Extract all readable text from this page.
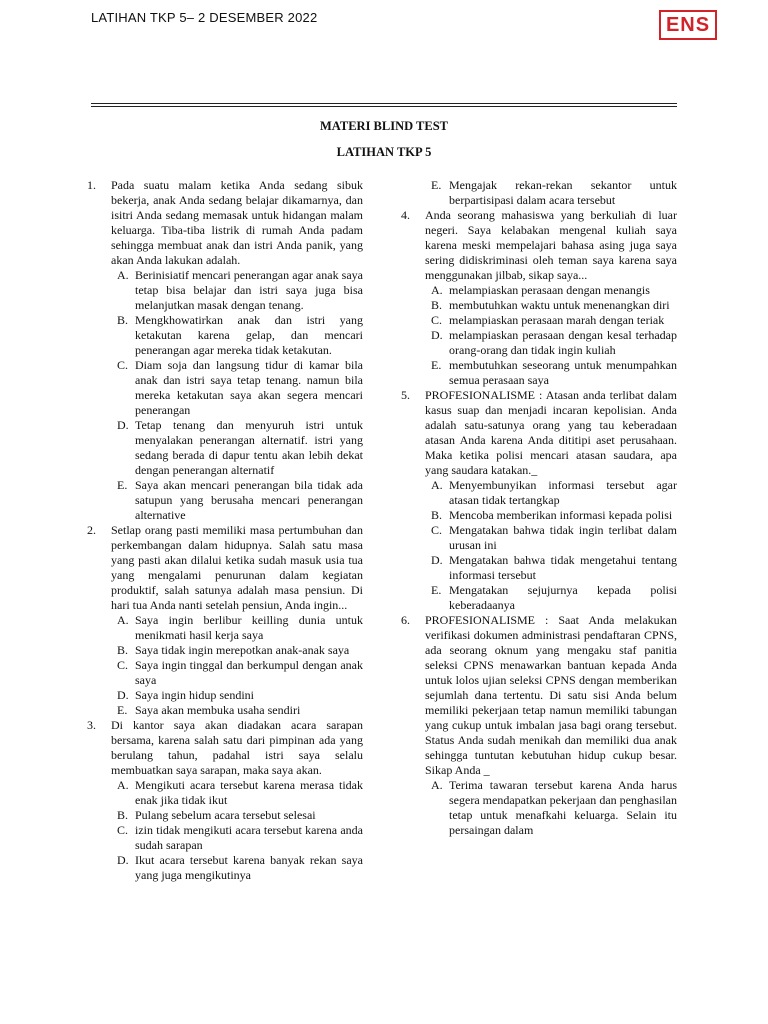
LATIHAN TKP 5– 2 DESEMBER 2022	ENS
MATERI BLIND TEST
LATIHAN TKP 5
1. Pada suatu malam ketika Anda sedang sibuk bekerja, anak Anda sedang belajar dikamarnya, dan isitri Anda sedang memasak untuk hidangan malam keluarga. Tiba-tiba listrik di rumah Anda padam sehingga membuat anak dan istri Anda panik, yang akan Anda lakukan adalah.
A. Berinisiatif mencari penerangan agar anak saya tetap bisa belajar dan istri saya juga bisa melanjutkan masak dengan tenang.
B. Mengkhowatirkan anak dan istri yang ketakutan karena gelap, dan mencari penerangan agar mereka tidak ketakutan.
C. Diam soja dan langsung tidur di kamar bila anak dan istri saya tetap tenang. namun bila mereka ketakutan saya akan segera mencari penerangan
D. Tetap tenang dan menyuruh istri untuk menyalakan penerangan alternatif. istri yang sedang berada di dapur tentu akan lebih dekat dengan penerangan alternatif
E. Saya akan mencari penerangan bila tidak ada satupun yang berusaha mencari penerangan alternative
2. Setlap orang pasti memiliki masa pertumbuhan dan perkembangan dalam hidupnya. Salah satu masa yang pasti akan dilalui ketika sudah masuk usia tua yang mengalami penurunan dalam kegiatan produktif, salah satunya adalah masa pensiun. Di hari tua Anda nanti setelah pensiun, Anda ingin...
A. Saya ingin berlibur keilling dunia untuk menikmati hasil kerja saya
B. Saya tidak ingin merepotkan anak-anak saya
C. Saya ingin tinggal dan berkumpul dengan anak saya
D. Saya ingin hidup sendini
E. Saya akan membuka usaha sendiri
3. Di kantor saya akan diadakan acara sarapan bersama, karena salah satu dari pimpinan ada yang berulang tahun, padahal istri saya selalu membuatkan saya sarapan, maka saya akan.
A. Mengikuti acara tersebut karena merasa tidak enak jika tidak ikut
B. Pulang sebelum acara tersebut selesai
C. izin tidak mengikuti acara tersebut karena anda sudah sarapan
D. Ikut acara tersebut karena banyak rekan saya yang juga mengikutinya
E. Mengajak rekan-rekan sekantor untuk berpartisipasi dalam acara tersebut
4. Anda seorang mahasiswa yang berkuliah di luar negeri. Saya kelabakan mengenal kuliah saya karena meski mempelajari bahasa asing juga saya sering didiskriminasi oleh teman saya karena saya menggunakan jilbab, sikap saya...
A. melampiaskan perasaan dengan menangis
B. membutuhkan waktu untuk menenangkan diri
C. melampiaskan perasaan marah dengan teriak
D. melampiaskan perasaan dengan kesal terhadap orang-orang dan tidak ingin kuliah
E. membutuhkan seseorang untuk menumpahkan semua perasaan saya
5. PROFESIONALISME : Atasan anda terlibat dalam kasus suap dan menjadi incaran kepolisian. Anda adalah satu-satunya orang yang tau keberadaan atasan Anda karena Anda dititipi aset perusahaan. Maka ketika polisi mencari atasan saudara, apa yang saudara katakan._
A. Menyembunyikan informasi tersebut agar atasan tidak tertangkap
B. Mencoba memberikan informasi kepada polisi
C. Mengatakan bahwa tidak ingin terlibat dalam urusan ini
D. Mengatakan bahwa tidak mengetahui tentang informasi tersebut
E. Mengatakan sejujurnya kepada polisi keberadaanya
6. PROFESIONALISME : Saat Anda melakukan verifikasi dokumen administrasi pendaftaran CPNS, ada seorang oknum yang mengaku staf panitia seleksi CPNS menawarkan bantuan kepada Anda untuk lolos ujian seleksi CPNS dengan memberikan sejumlah dana tertentu. Di satu sisi Anda belum memiliki pekerjaan tetap namun memiliki tabungan yang cukup untuk imbalan jasa bagi orang tersebut. Status Anda sudah menikah dan memiliki dua anak sehingga tuntutan kebutuhan hidup cukup besar. Sikap Anda _
A. Terima tawaran tersebut karena Anda harus segera mendapatkan pekerjaan dan penghasilan tetap untuk menafkahi keluarga. Selain itu persaingan dalam
